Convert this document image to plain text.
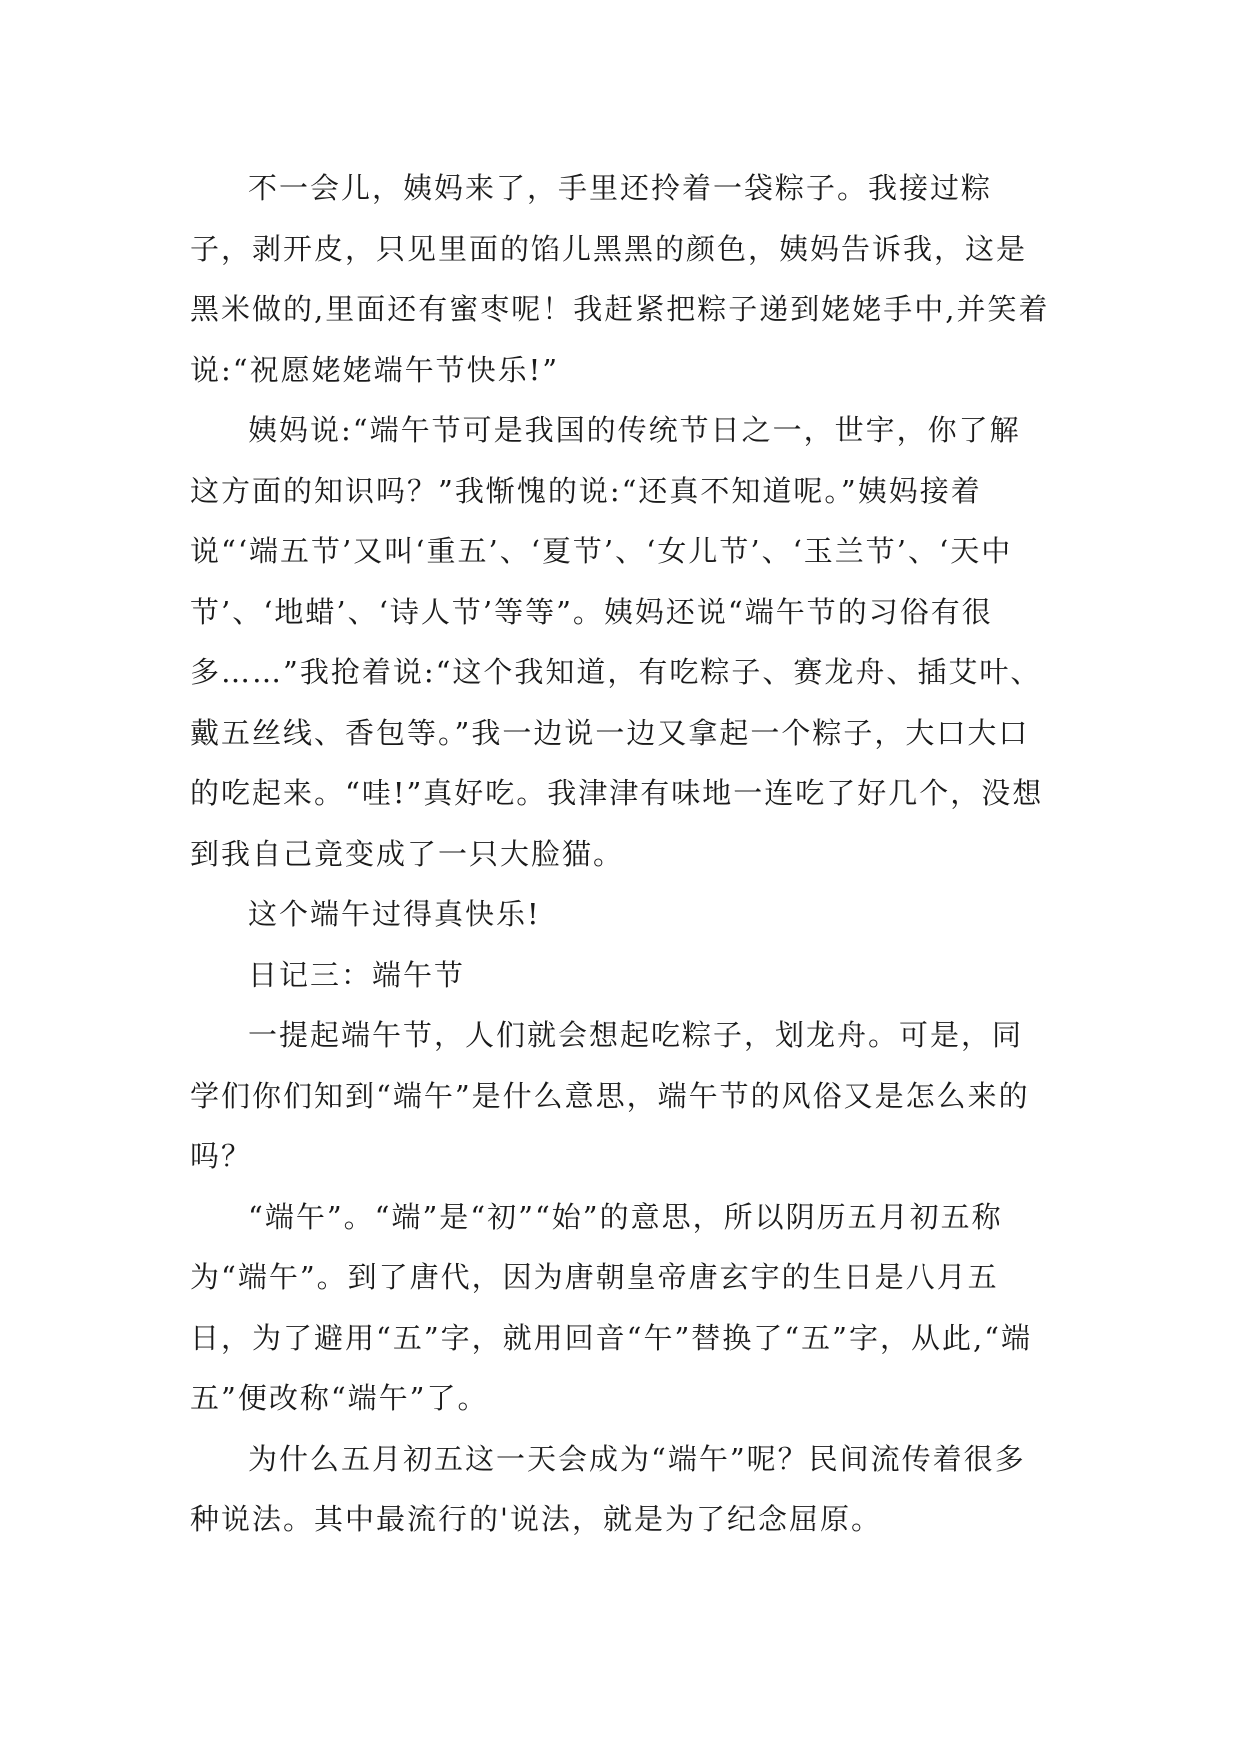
不一会儿，姨妈来了，手里还拎着一袋粽子。我接过粽子，剥开皮，只见里面的馅儿黑黑的颜色，姨妈告诉我，这是黑米做的,里面还有蜜枣呢！我赶紧把粽子递到姥姥手中,并笑着说:“祝愿姥姥端午节快乐!”

姨妈说:“端午节可是我国的传统节日之一，世宇，你了解这方面的知识吗？”我惭愧的说:“还真不知道呢。”姨妈接着说“‘端五节’又叫‘重五’、‘夏节’、‘女儿节’、‘玉兰节’、‘天中节’、‘地蜡’、‘诗人节’等等”。姨妈还说“端午节的习俗有很多……”我抢着说:“这个我知道，有吃粽子、赛龙舟、插艾叶、戴五丝线、香包等。”我一边说一边又拿起一个粽子，大口大口的吃起来。“哇!”真好吃。我津津有味地一连吃了好几个，没想到我自己竟变成了一只大脸猫。

这个端午过得真快乐!

日记三：端午节

一提起端午节，人们就会想起吃粽子，划龙舟。可是，同学们你们知到“端午”是什么意思，端午节的风俗又是怎么来的吗？

“端午”。“端”是“初”“始”的意思，所以阴历五月初五称为“端午”。到了唐代，因为唐朝皇帝唐玄宇的生日是八月五日，为了避用“五”字，就用回音“午”替换了“五”字，从此,“端五”便改称“端午”了。

为什么五月初五这一天会成为“端午”呢？民间流传着很多种说法。其中最流行的'说法，就是为了纪念屈原。
